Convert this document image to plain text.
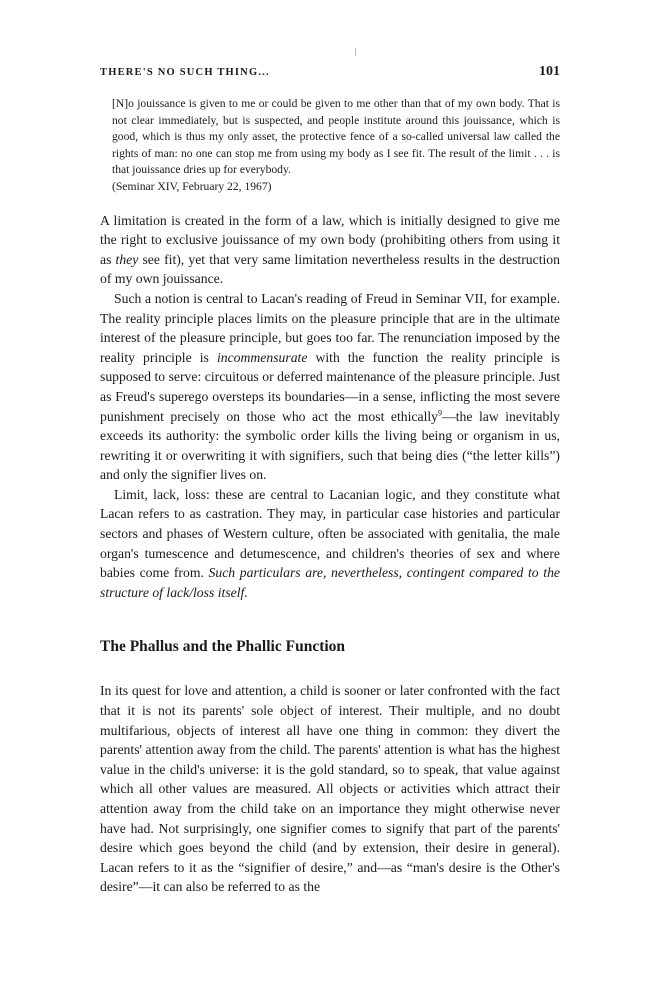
THERE'S NO SUCH THING...	101

[N]o jouissance is given to me or could be given to me other than that of my own body. That is not clear immediately, but is suspected, and people institute around this jouissance, which is good, which is thus my only asset, the protective fence of a so-called universal law called the rights of man: no one can stop me from using my body as I see fit. The result of the limit . . . is that jouissance dries up for everybody.
(Seminar XIV, February 22, 1967)

A limitation is created in the form of a law, which is initially designed to give me the right to exclusive jouissance of my own body (prohibiting others from using it as they see fit), yet that very same limitation nevertheless results in the destruction of my own jouissance.

Such a notion is central to Lacan's reading of Freud in Seminar VII, for example. The reality principle places limits on the pleasure principle that are in the ultimate interest of the pleasure principle, but goes too far. The renunciation imposed by the reality principle is incommensurate with the function the reality principle is supposed to serve: circuitous or deferred maintenance of the pleasure principle. Just as Freud's superego oversteps its boundaries—in a sense, inflicting the most severe punishment precisely on those who act the most ethically$^9$—the law inevitably exceeds its authority: the symbolic order kills the living being or organism in us, rewriting it or overwriting it with signifiers, such that being dies (“the letter kills”) and only the signifier lives on.

Limit, lack, loss: these are central to Lacanian logic, and they constitute what Lacan refers to as castration. They may, in particular case histories and particular sectors and phases of Western culture, often be associated with genitalia, the male organ's tumescence and detumescence, and children's theories of sex and where babies come from. Such particulars are, nevertheless, contingent compared to the structure of lack/loss itself.

The Phallus and the Phallic Function

In its quest for love and attention, a child is sooner or later confronted with the fact that it is not its parents' sole object of interest. Their multiple, and no doubt multifarious, objects of interest all have one thing in common: they divert the parents' attention away from the child. The parents' attention is what has the highest value in the child's universe: it is the gold standard, so to speak, that value against which all other values are measured. All objects or activities which attract their attention away from the child take on an importance they might otherwise never have had. Not surprisingly, one signifier comes to signify that part of the parents' desire which goes beyond the child (and by extension, their desire in general). Lacan refers to it as the “signifier of desire,” and—as “man's desire is the Other's desire”—it can also be referred to as the
